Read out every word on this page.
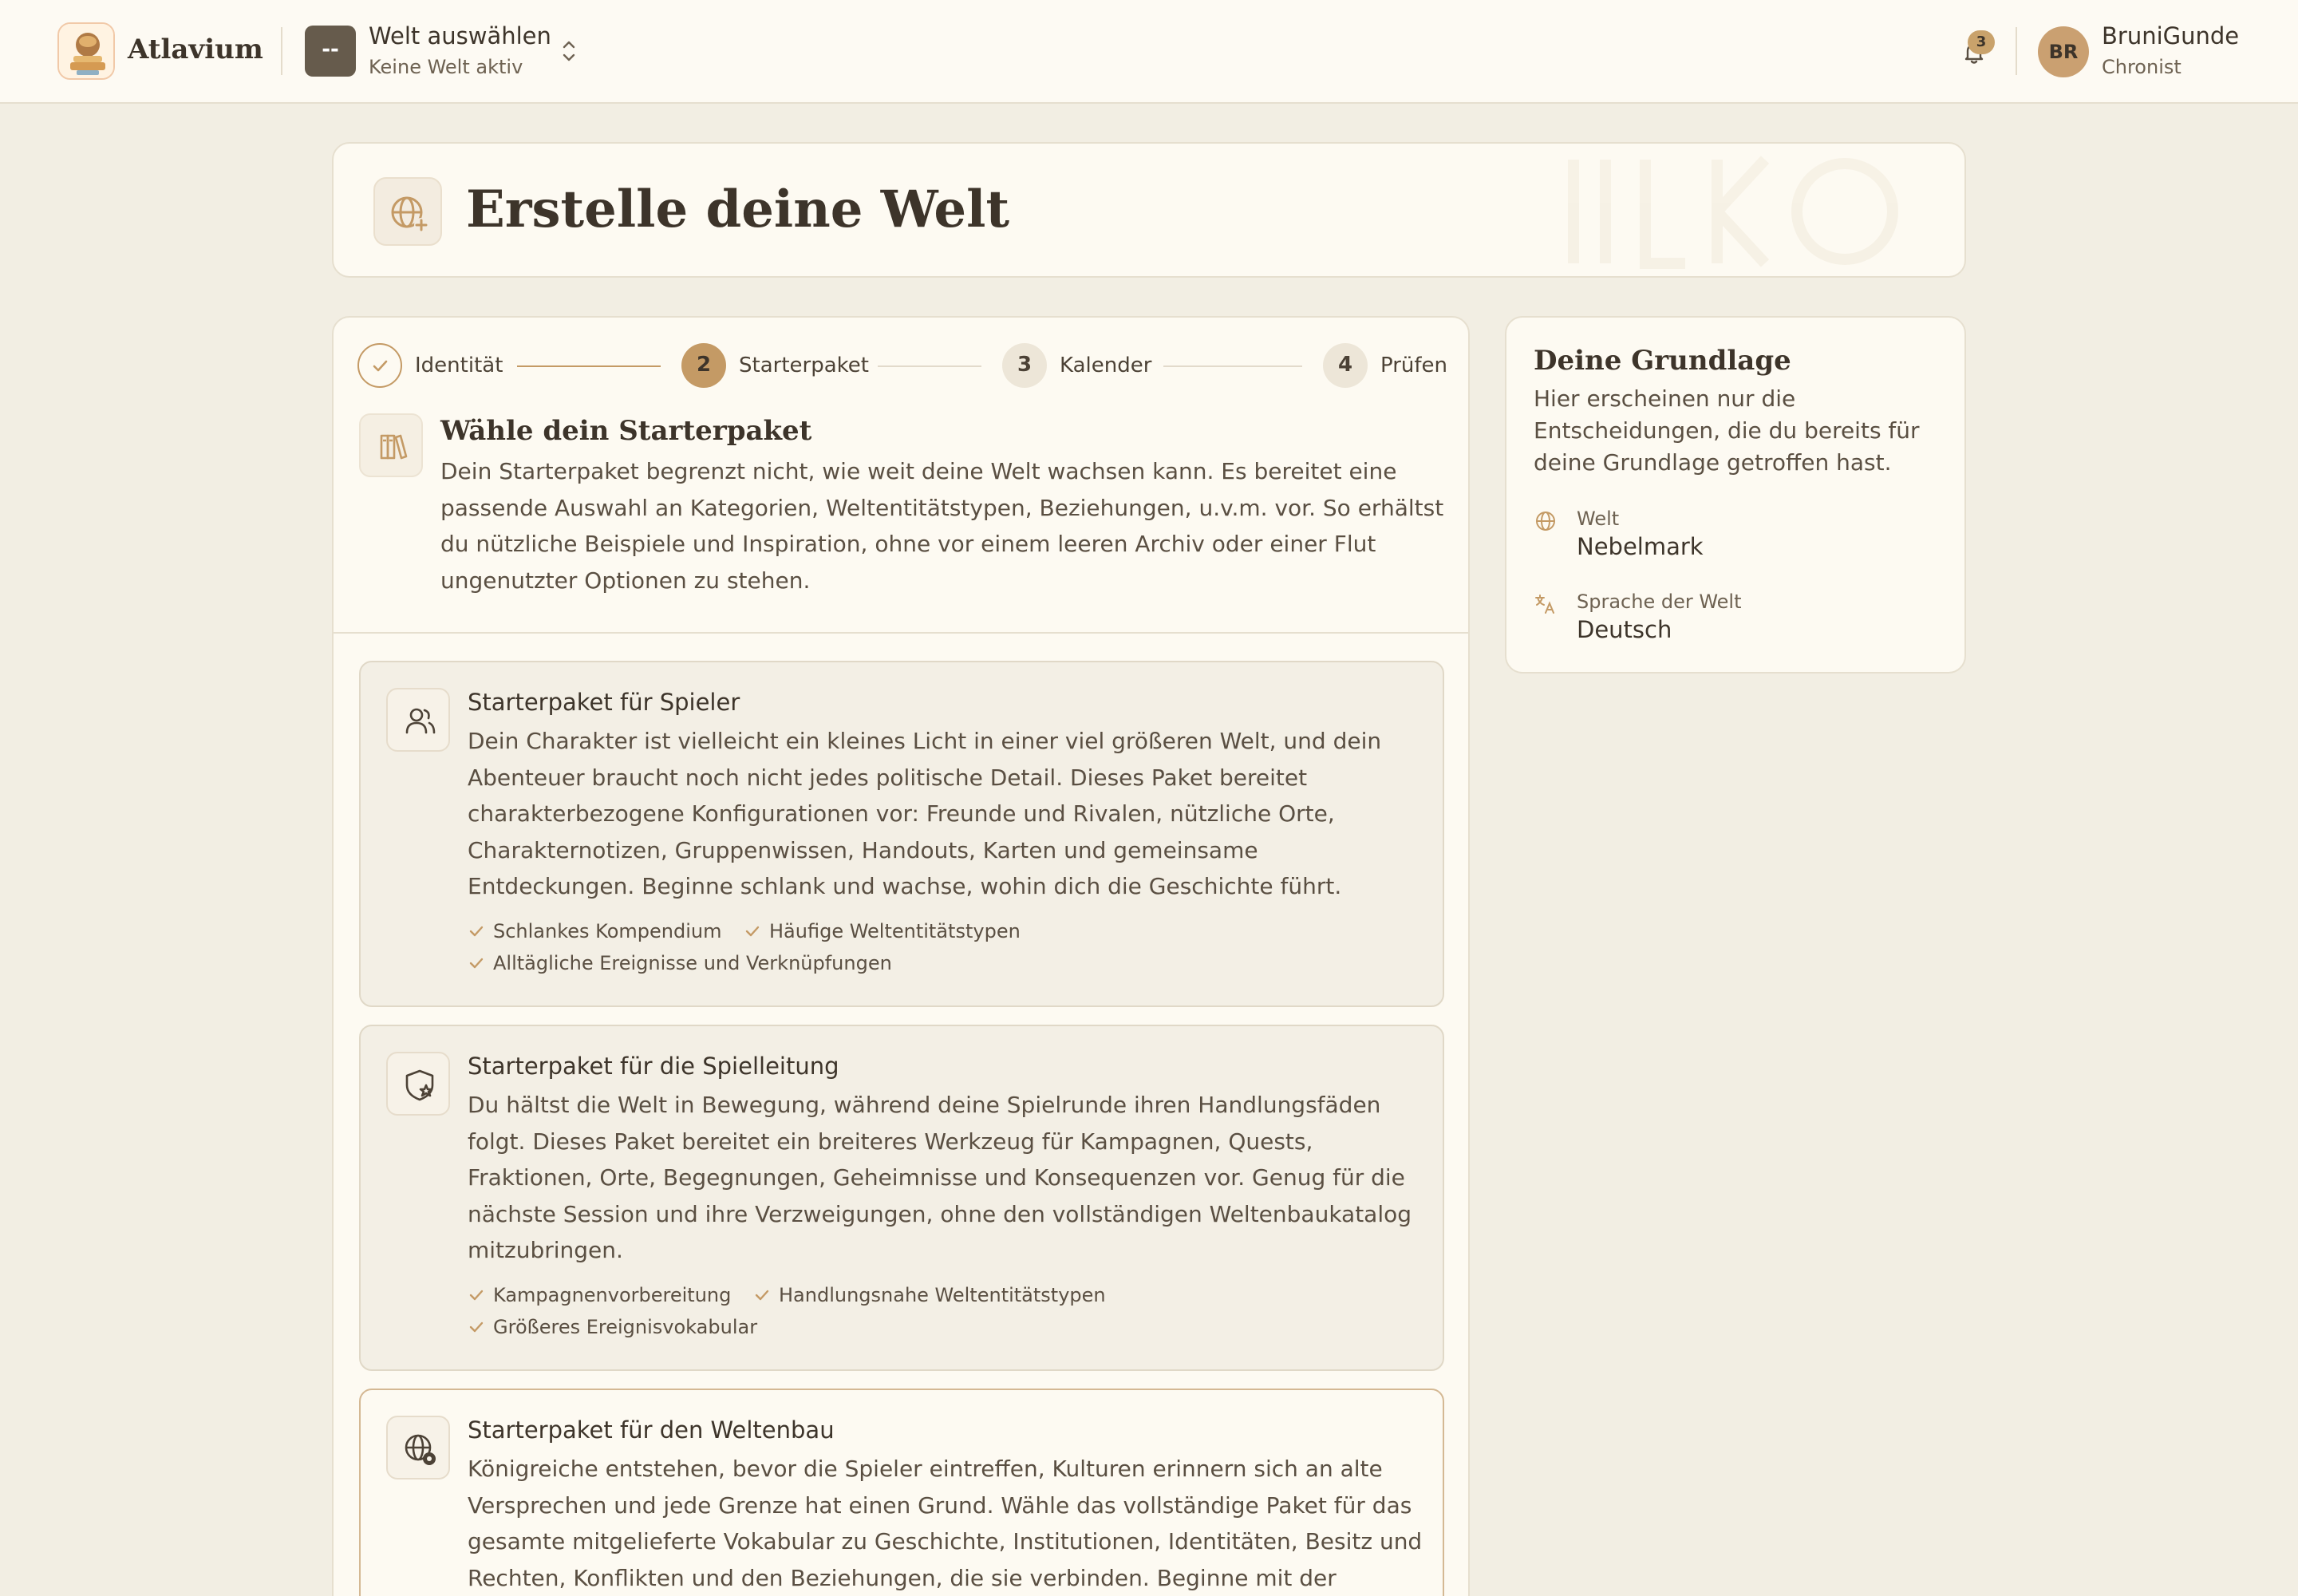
Atlavium	--	Welt auswählen
Keine Welt aktiv
3	BR
BruniGunde
Chronist
Erstelle deine Welt
Identität	2	Starterpaket	3	Kalender	4	Prüfen
Wähle dein Starterpaket

Dein Starterpaket begrenzt nicht, wie weit deine Welt wachsen kann. Es bereitet eine passende Auswahl an Kategorien, Weltentitätstypen, Beziehungen, u.v.m. vor. So erhältst du nützliche Beispiele und Inspiration, ohne vor einem leeren Archiv oder einer Flut ungenutzter Optionen zu stehen.

Starterpaket für Spieler

Dein Charakter ist vielleicht ein kleines Licht in einer viel größeren Welt, und dein Abenteuer braucht noch nicht jedes politische Detail. Dieses Paket bereitet charakterbezogene Konfigurationen vor: Freunde und Rivalen, nützliche Orte, Charakternotizen, Gruppenwissen, Handouts, Karten und gemeinsame Entdeckungen. Beginne schlank und wachse, wohin dich die Geschichte führt.

Schlankes Kompendium	Häufige Weltentitätstypen
Alltägliche Ereignisse und Verknüpfungen
Starterpaket für die Spielleitung

Du hältst die Welt in Bewegung, während deine Spielrunde ihren Handlungsfäden folgt. Dieses Paket bereitet ein breiteres Werkzeug für Kampagnen, Quests, Fraktionen, Orte, Begegnungen, Geheimnisse und Konsequenzen vor. Genug für die nächste Session und ihre Verzweigungen, ohne den vollständigen Weltenbaukatalog mitzubringen.

Kampagnenvorbereitung	Handlungsnahe Weltentitätstypen
Größeres Ereignisvokabular
Starterpaket für den Weltenbau

Königreiche entstehen, bevor die Spieler eintreffen, Kulturen erinnern sich an alte Versprechen und jede Grenze hat einen Grund. Wähle das vollständige Paket für das gesamte mitgelieferte Vokabular zu Geschichte, Institutionen, Identitäten, Besitz und Rechten, Konflikten und den Beziehungen, die sie verbinden. Beginne mit der

Deine Grundlage

Hier erscheinen nur die Entscheidungen, die du bereits für deine Grundlage getroffen hast.

Welt
Nebelmark
Sprache der Welt
Deutsch
